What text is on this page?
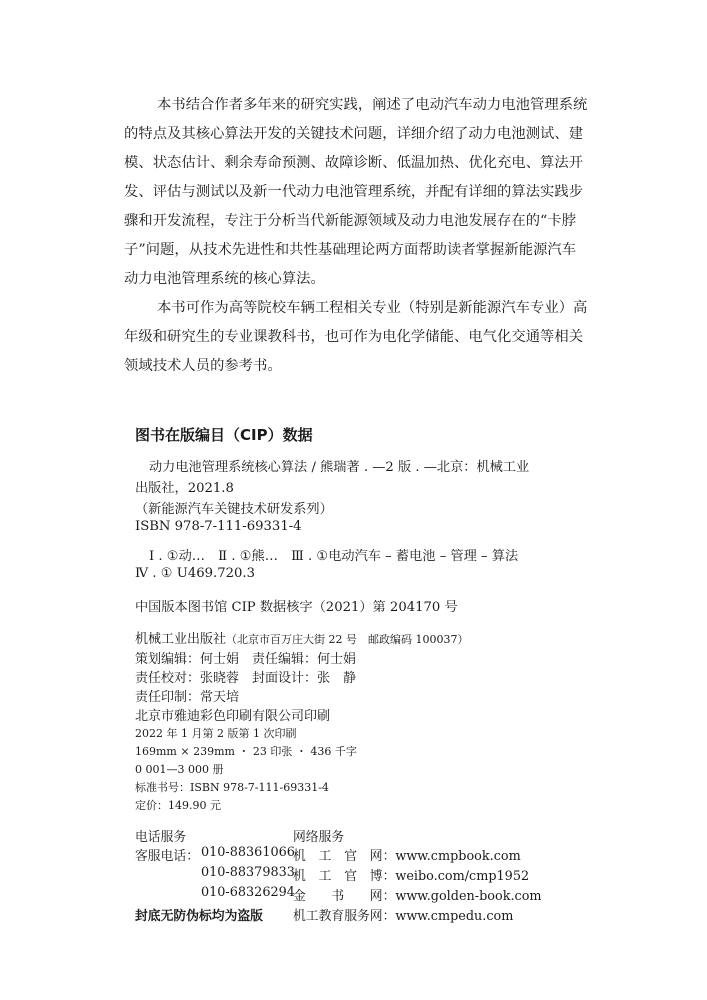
本书结合作者多年来的研究实践，阐述了电动汽车动力电池管理系统
的特点及其核心算法开发的关键技术问题，详细介绍了动力电池测试、建
模、状态估计、剩余寿命预测、故障诊断、低温加热、优化充电、算法开
发、评估与测试以及新一代动力电池管理系统，并配有详细的算法实践步
骤和开发流程，专注于分析当代新能源领域及动力电池发展存在的“卡脖
子”问题，从技术先进性和共性基础理论两方面帮助读者掌握新能源汽车
动力电池管理系统的核心算法。
本书可作为高等院校车辆工程相关专业（特别是新能源汽车专业）高
年级和研究生的专业课教科书，也可作为电化学储能、电气化交通等相关
领域技术人员的参考书。
图书在版编目（CIP）数据
动力电池管理系统核心算法 / 熊瑞著 . —2 版 . —北京：机械工业
出版社，2021.8
（新能源汽车关键技术研发系列）
ISBN 978-7-111-69331-4
Ⅰ . ①动…　Ⅱ . ①熊…　Ⅲ . ①电动汽车 – 蓄电池 – 管理 – 算法
Ⅳ . ① U469.720.3
中国版本图书馆 CIP 数据核字（2021）第 204170 号
机械工业出版社（北京市百万庄大街 22 号　邮政编码 100037）
策划编辑：何士娟　责任编辑：何士娟
责任校对：张晓蓉　封面设计：张　静
责任印制：常天培
北京市雅迪彩色印刷有限公司印刷
2022 年 1 月第 2 版第 1 次印刷
169mm × 239mm ・ 23 印张 ・ 436 千字
0 001—3 000 册
标准书号：ISBN 978-7-111-69331-4
定价：149.90 元
电话服务	网络服务
客服电话： 010-88361066
010-88379833
010-68326294
机　工　官　网：www.cmpbook.com
机　工　官　博：weibo.com/cmp1952
金　　书　　网：www.golden-book.com
机工教育服务网：www.cmpedu.com
封底无防伪标均为盗版
